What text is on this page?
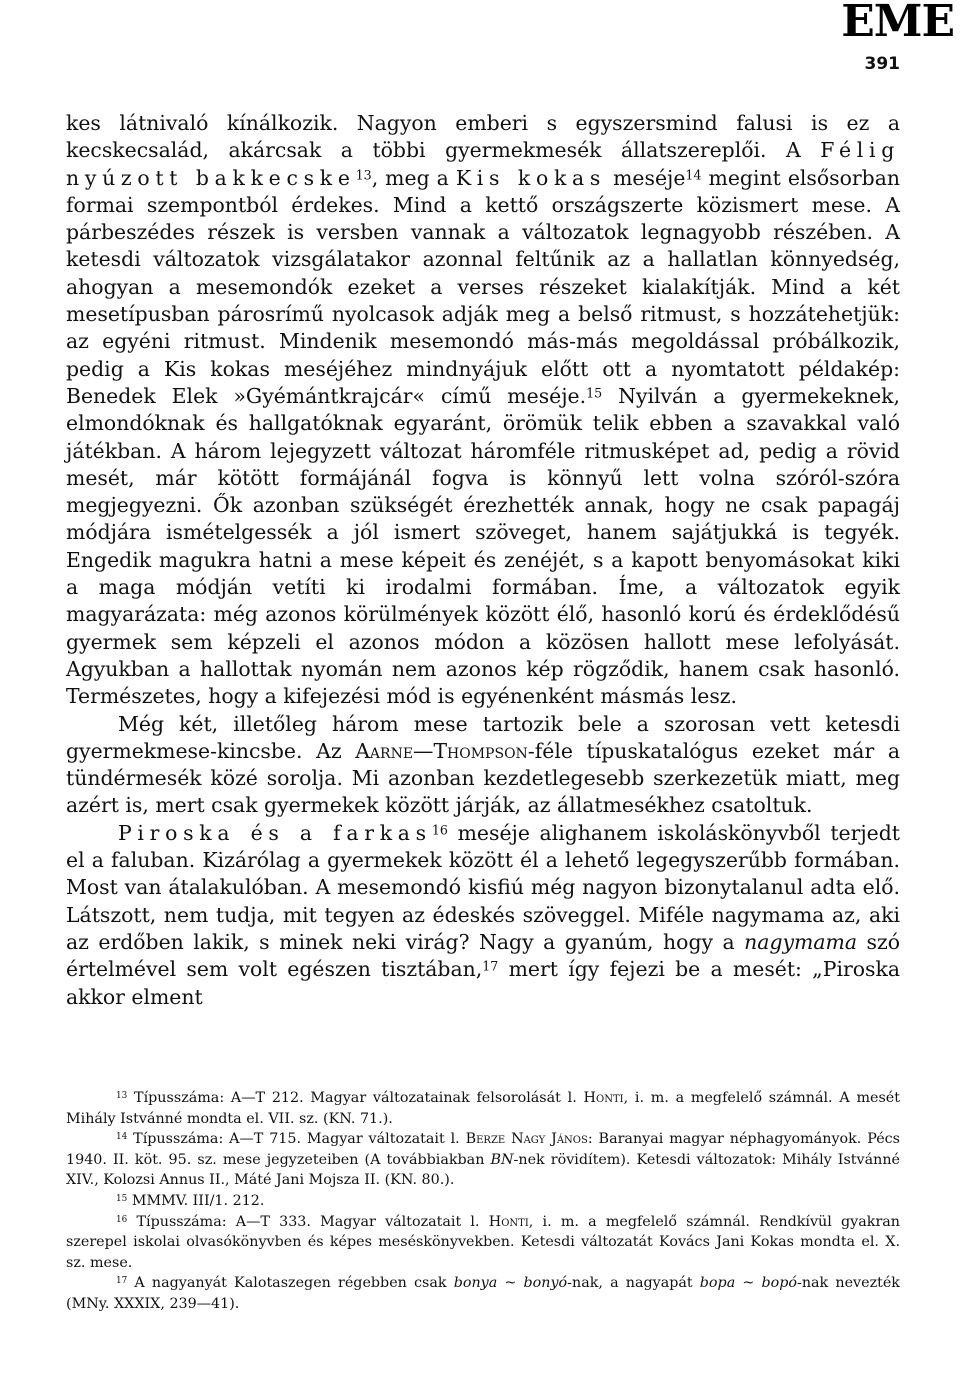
EME
391

kes látnivaló kínálkozik. Nagyon emberi s egyszersmind falusi is ez a kecskecsalád, akárcsak a többi gyermekmesék állatszereplői. A Félig nyúzott bakkecske$^{13}$, meg a Kis kokas meséje$^{14}$ megint elsősorban formai szempontból érdekes. Mind a kettő országszerte közismert mese. A párbeszédes részek is versben vannak a változatok legnagyobb részében. A ketesdi változatok vizsgálatakor azonnal feltűnik az a hallatlan könnyedség, ahogyan a mesemondók ezeket a verses részeket kialakítják. Mind a két mesetípusban párosrímű nyolcasok adják meg a belső ritmust, s hozzátehetjük: az egyéni ritmust. Mindenik mesemondó más-más megoldással próbálkozik, pedig a Kis kokas meséjéhez mindnyájuk előtt ott a nyomtatott példakép: Benedek Elek »Gyémántkrajcár« című meséje.$^{15}$ Nyilván a gyermekeknek, elmondóknak és hallgatóknak egyaránt, örömük telik ebben a szavakkal való játékban. A három lejegyzett változat háromféle ritmusképet ad, pedig a rövid mesét, már kötött formájánál fogva is könnyű lett volna szóról-szóra megjegyezni. Ők azonban szükségét érezhették annak, hogy ne csak papagáj módjára ismételgessék a jól ismert szöveget, hanem sajátjukká is tegyék. Engedik magukra hatni a mese képeit és zenéjét, s a kapott benyomásokat kiki a maga módján vetíti ki irodalmi formában. Íme, a változatok egyik magyarázata: még azonos körülmények között élő, hasonló korú és érdeklődésű gyermek sem képzeli el azonos módon a közösen hallott mese lefolyását. Agyukban a hallottak nyomán nem azonos kép rögződik, hanem csak hasonló. Természetes, hogy a kifejezési mód is egyénenként másmás lesz.

Még két, illetőleg három mese tartozik bele a szorosan vett ketesdi gyermekmese-kincsbe. Az Aarne—Thompson-féle típuskatalógus ezeket már a tündérmesék közé sorolja. Mi azonban kezdetlegesebb szerkezetük miatt, meg azért is, mert csak gyermekek között járják, az állatmesékhez csatoltuk.

Piroska és a farkas$^{16}$ meséje alighanem iskoláskönyvből terjedt el a faluban. Kizárólag a gyermekek között él a lehető legegyszerűbb formában. Most van átalakulóban. A mesemondó kisfiú még nagyon bizonytalanul adta elő. Látszott, nem tudja, mit tegyen az édeskés szöveggel. Miféle nagymama az, aki az erdőben lakik, s minek neki virág? Nagy a gyanúm, hogy a nagymama szó értelmével sem volt egészen tisztában,$^{17}$ mert így fejezi be a mesét: „Piroska akkor elment

$^{13}$ Típusszáma: A—T 212. Magyar változatainak felsorolását l. Honti, i. m. a megfelelő számnál. A mesét Mihály Istvánné mondta el. VII. sz. (KN. 71.).

$^{14}$ Típusszáma: A—T 715. Magyar változatait l. Berze Nagy János: Baranyai magyar néphagyományok. Pécs 1940. II. köt. 95. sz. mese jegyzeteiben (A továbbiakban BN-nek rövidítem). Ketesdi változatok: Mihály Istvánné XIV., Kolozsi Annus II., Máté Jani Mojsza II. (KN. 80.).

$^{15}$ MMMV. III/1. 212.

$^{16}$ Típusszáma: A—T 333. Magyar változatait l. Honti, i. m. a megfelelő számnál. Rendkívül gyakran szerepel iskolai olvasókönyvben és képes meséskönyvekben. Ketesdi változatát Kovács Jani Kokas mondta el. X. sz. mese.

$^{17}$ A nagyanyát Kalotaszegen régebben csak bonya ~ bonyó-nak, a nagyapát bopa ~ bopó-nak nevezték (MNy. XXXIX, 239—41).
